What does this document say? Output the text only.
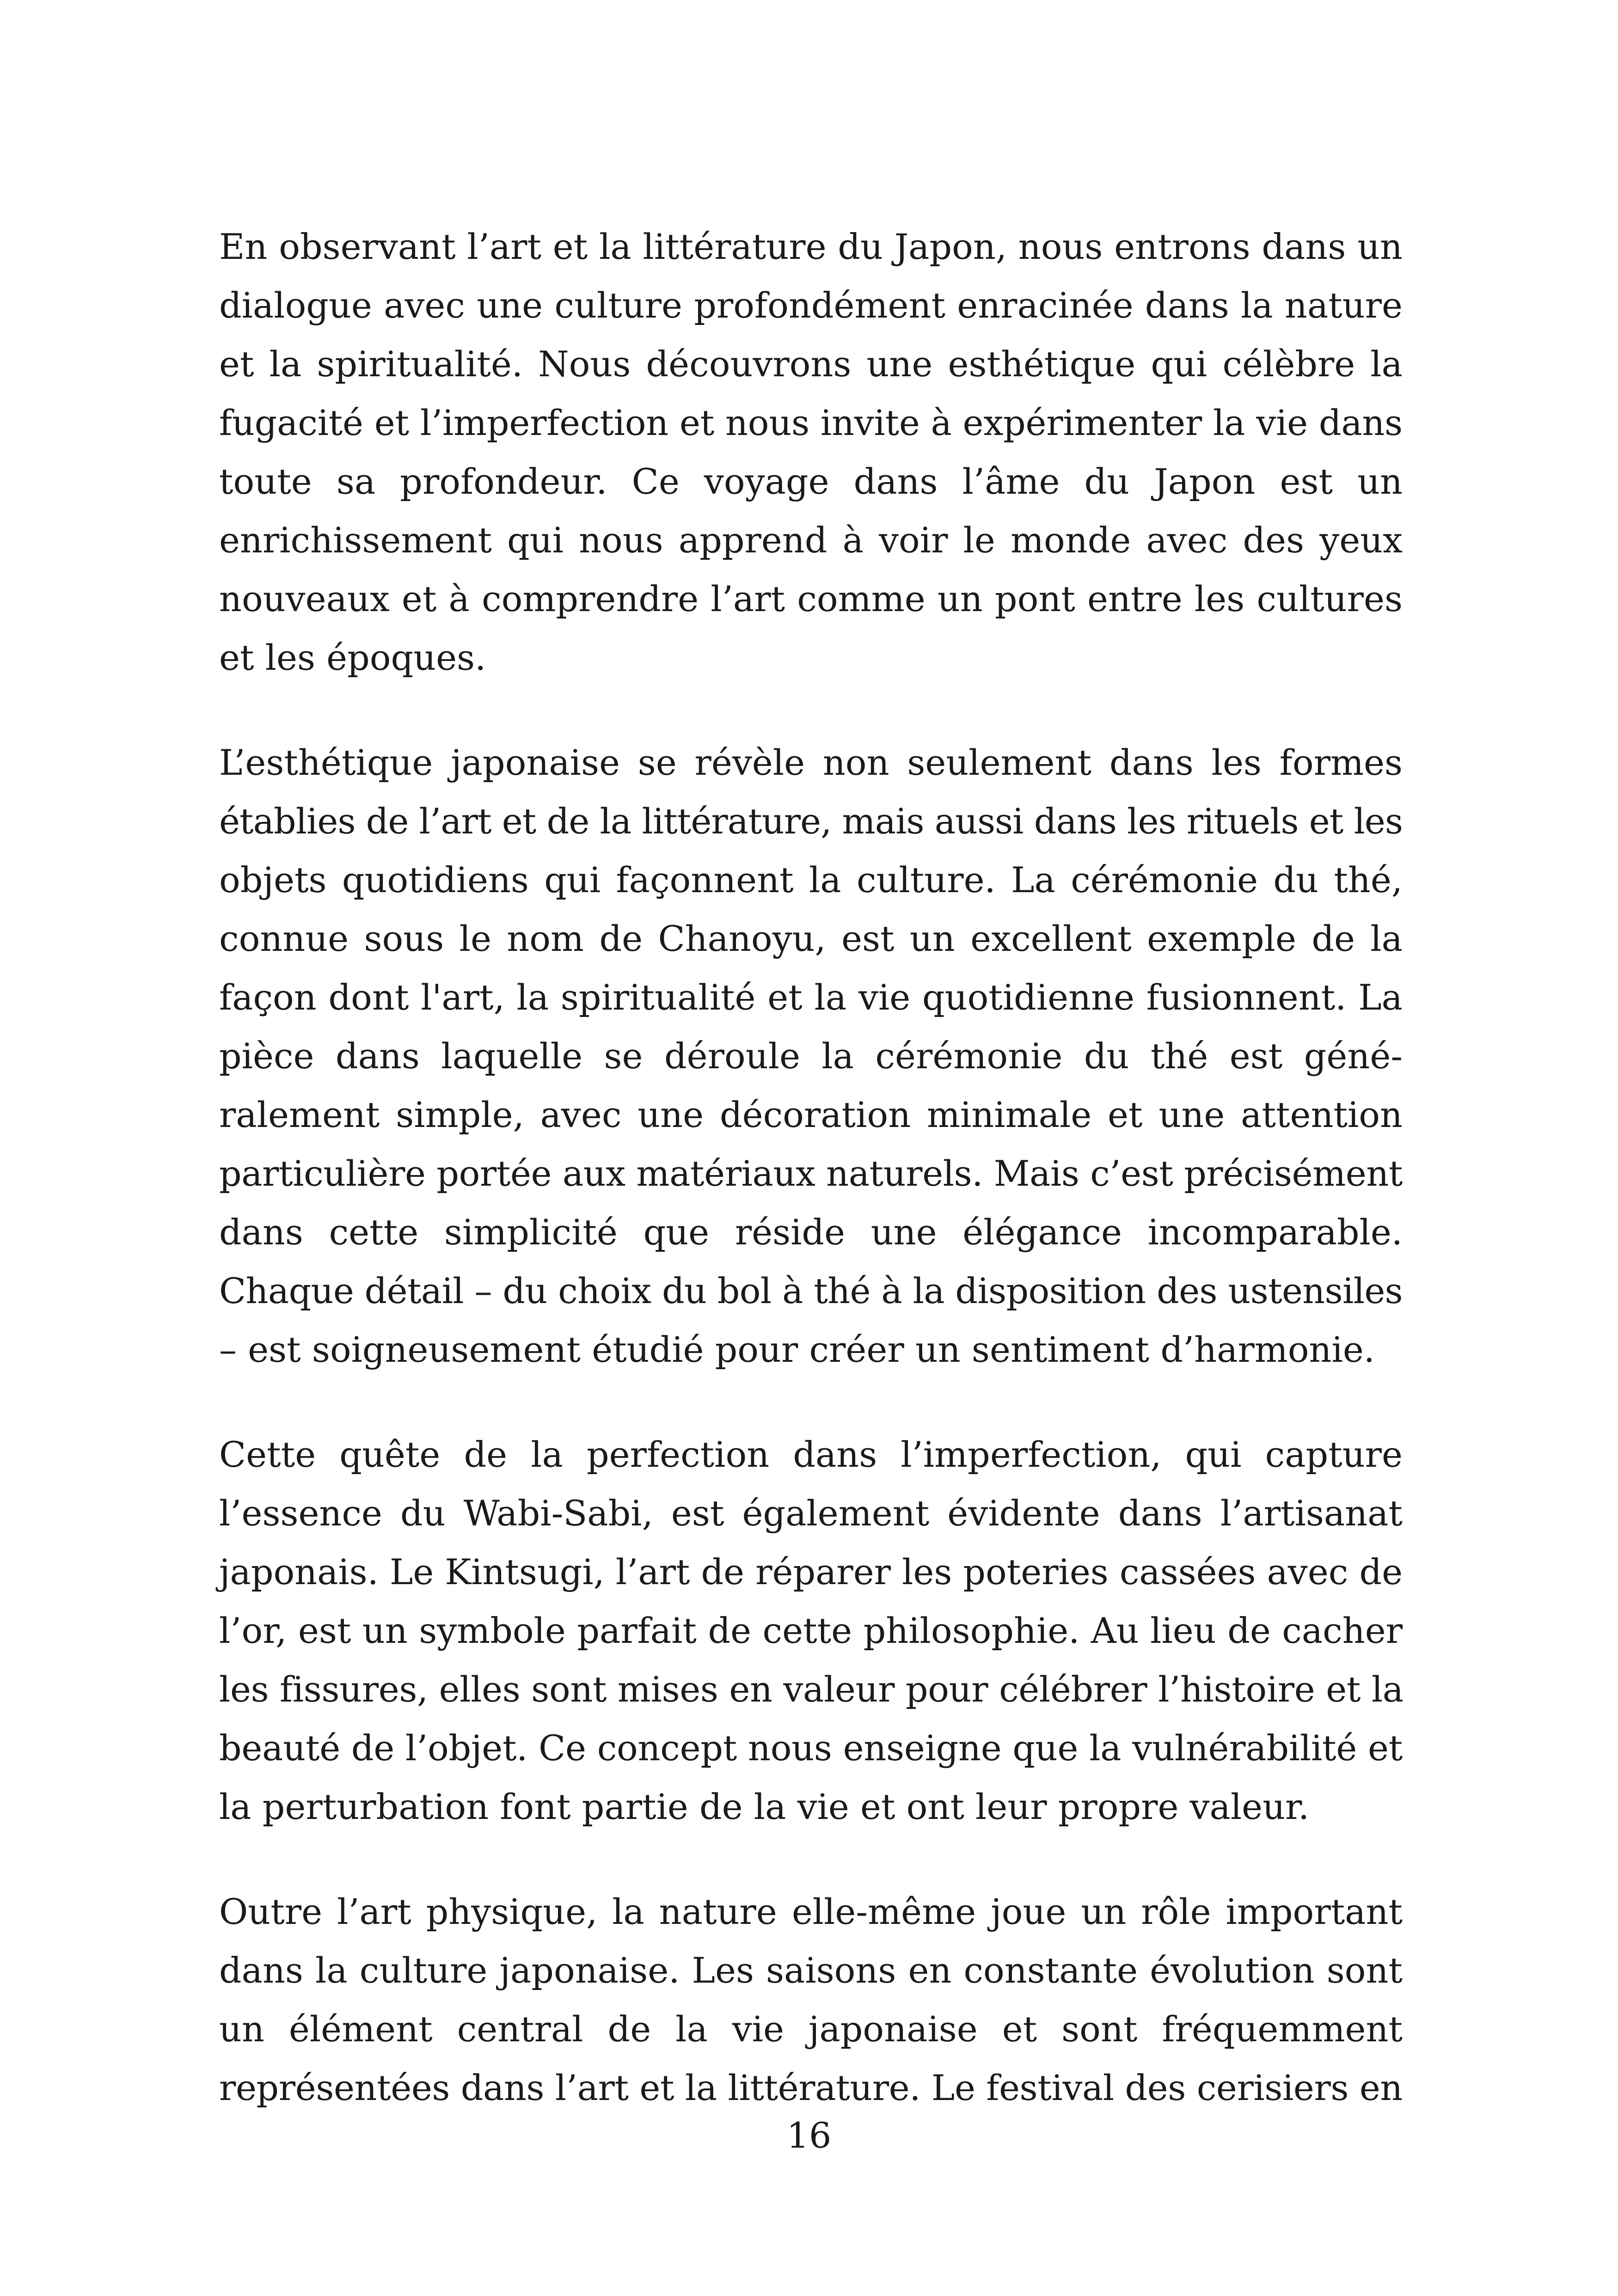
En observant l’art et la littérature du Japon, nous entrons dans un
dialogue avec une culture profondément enracinée dans la nature
et la spiritualité. Nous découvrons une esthétique qui célèbre la
fugacité et l’imperfection et nous invite à expérimenter la vie dans
toute sa profondeur. Ce voyage dans l’âme du Japon est un
enrichissement qui nous apprend à voir le monde avec des yeux
nouveaux et à comprendre l’art comme un pont entre les cultures
et les époques.

L’esthétique japonaise se révèle non seulement dans les formes
établies de l’art et de la littérature, mais aussi dans les rituels et les
objets quotidiens qui façonnent la culture. La cérémonie du thé,
connue sous le nom de Chanoyu, est un excellent exemple de la
façon dont l'art, la spiritualité et la vie quotidienne fusionnent. La
pièce dans laquelle se déroule la cérémonie du thé est géné-
ralement simple, avec une décoration minimale et une attention
particulière portée aux matériaux naturels. Mais c’est précisément
dans cette simplicité que réside une élégance incomparable.
Chaque détail – du choix du bol à thé à la disposition des ustensiles
– est soigneusement étudié pour créer un sentiment d’harmonie.

Cette quête de la perfection dans l’imperfection, qui capture
l’essence du Wabi-Sabi, est également évidente dans l’artisanat
japonais. Le Kintsugi, l’art de réparer les poteries cassées avec de
l’or, est un symbole parfait de cette philosophie. Au lieu de cacher
les fissures, elles sont mises en valeur pour célébrer l’histoire et la
beauté de l’objet. Ce concept nous enseigne que la vulnérabilité et
la perturbation font partie de la vie et ont leur propre valeur.

Outre l’art physique, la nature elle-même joue un rôle important
dans la culture japonaise. Les saisons en constante évolution sont
un élément central de la vie japonaise et sont fréquemment
représentées dans l’art et la littérature. Le festival des cerisiers en

16
